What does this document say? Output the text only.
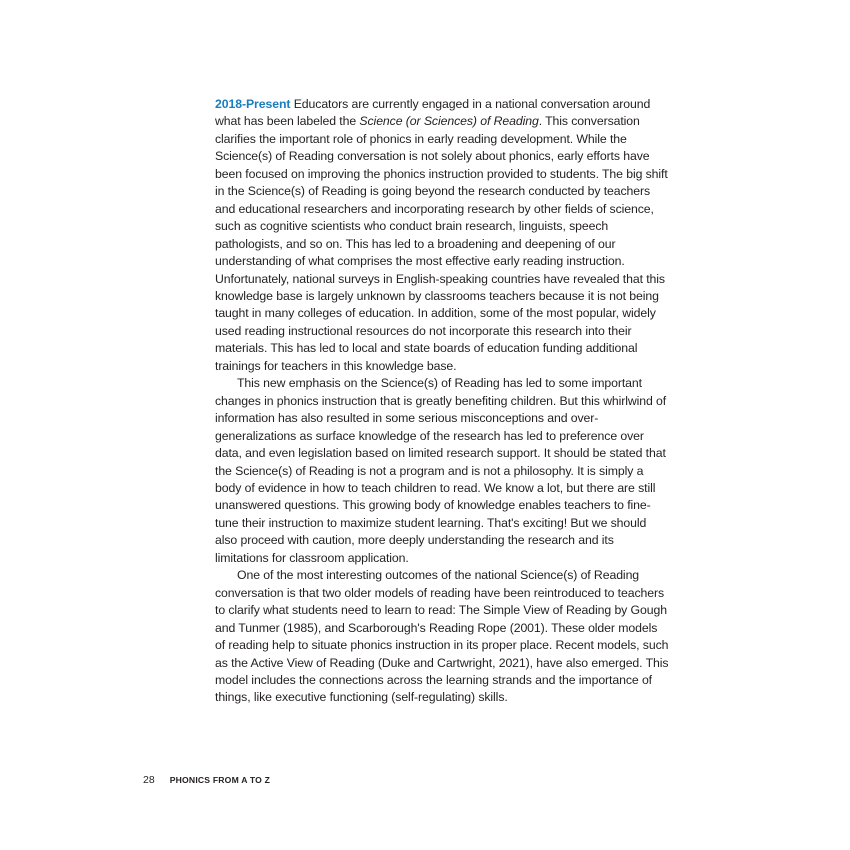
2018-Present Educators are currently engaged in a national conversation around what has been labeled the Science (or Sciences) of Reading. This conversation clarifies the important role of phonics in early reading development. While the Science(s) of Reading conversation is not solely about phonics, early efforts have been focused on improving the phonics instruction provided to students. The big shift in the Science(s) of Reading is going beyond the research conducted by teachers and educational researchers and incorporating research by other fields of science, such as cognitive scientists who conduct brain research, linguists, speech pathologists, and so on. This has led to a broadening and deepening of our understanding of what comprises the most effective early reading instruction. Unfortunately, national surveys in English-speaking countries have revealed that this knowledge base is largely unknown by classrooms teachers because it is not being taught in many colleges of education. In addition, some of the most popular, widely used reading instructional resources do not incorporate this research into their materials. This has led to local and state boards of education funding additional trainings for teachers in this knowledge base.

This new emphasis on the Science(s) of Reading has led to some important changes in phonics instruction that is greatly benefiting children. But this whirlwind of information has also resulted in some serious misconceptions and over-generalizations as surface knowledge of the research has led to preference over data, and even legislation based on limited research support. It should be stated that the Science(s) of Reading is not a program and is not a philosophy. It is simply a body of evidence in how to teach children to read. We know a lot, but there are still unanswered questions. This growing body of knowledge enables teachers to fine-tune their instruction to maximize student learning. That's exciting! But we should also proceed with caution, more deeply understanding the research and its limitations for classroom application.

One of the most interesting outcomes of the national Science(s) of Reading conversation is that two older models of reading have been reintroduced to teachers to clarify what students need to learn to read: The Simple View of Reading by Gough and Tunmer (1985), and Scarborough's Reading Rope (2001). These older models of reading help to situate phonics instruction in its proper place. Recent models, such as the Active View of Reading (Duke and Cartwright, 2021), have also emerged. This model includes the connections across the learning strands and the importance of things, like executive functioning (self-regulating) skills.

28 PHONICS FROM A TO Z
